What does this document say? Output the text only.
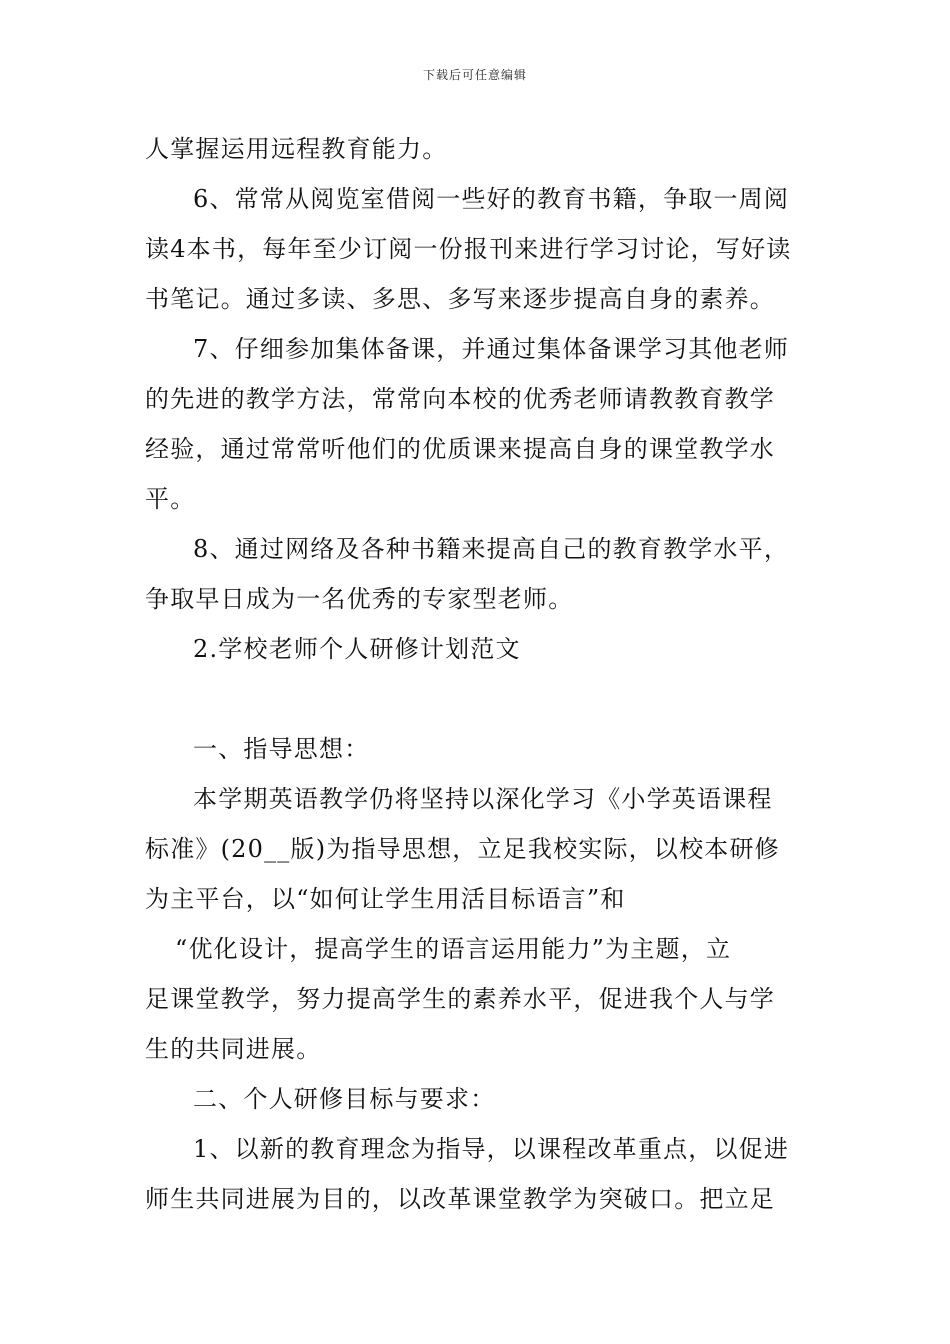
下载后可任意编辑
人掌握运用远程教育能力。
6、常常从阅览室借阅一些好的教育书籍，争取一周阅
读4本书，每年至少订阅一份报刊来进行学习讨论，写好读
书笔记。通过多读、多思、多写来逐步提高自身的素养。
7、仔细参加集体备课，并通过集体备课学习其他老师
的先进的教学方法，常常向本校的优秀老师请教教育教学
经验，通过常常听他们的优质课来提高自身的课堂教学水
平。
8、通过网络及各种书籍来提高自己的教育教学水平，
争取早日成为一名优秀的专家型老师。
2.学校老师个人研修计划范文
一、指导思想：
本学期英语教学仍将坚持以深化学习《小学英语课程
标准》(20__版)为指导思想，立足我校实际，以校本研修
为主平台，以“如何让学生用活目标语言”和
“优化设计，提高学生的语言运用能力”为主题，立
足课堂教学，努力提高学生的素养水平，促进我个人与学
生的共同进展。
二、个人研修目标与要求：
1、以新的教育理念为指导，以课程改革重点，以促进
师生共同进展为目的，以改革课堂教学为突破口。把立足
